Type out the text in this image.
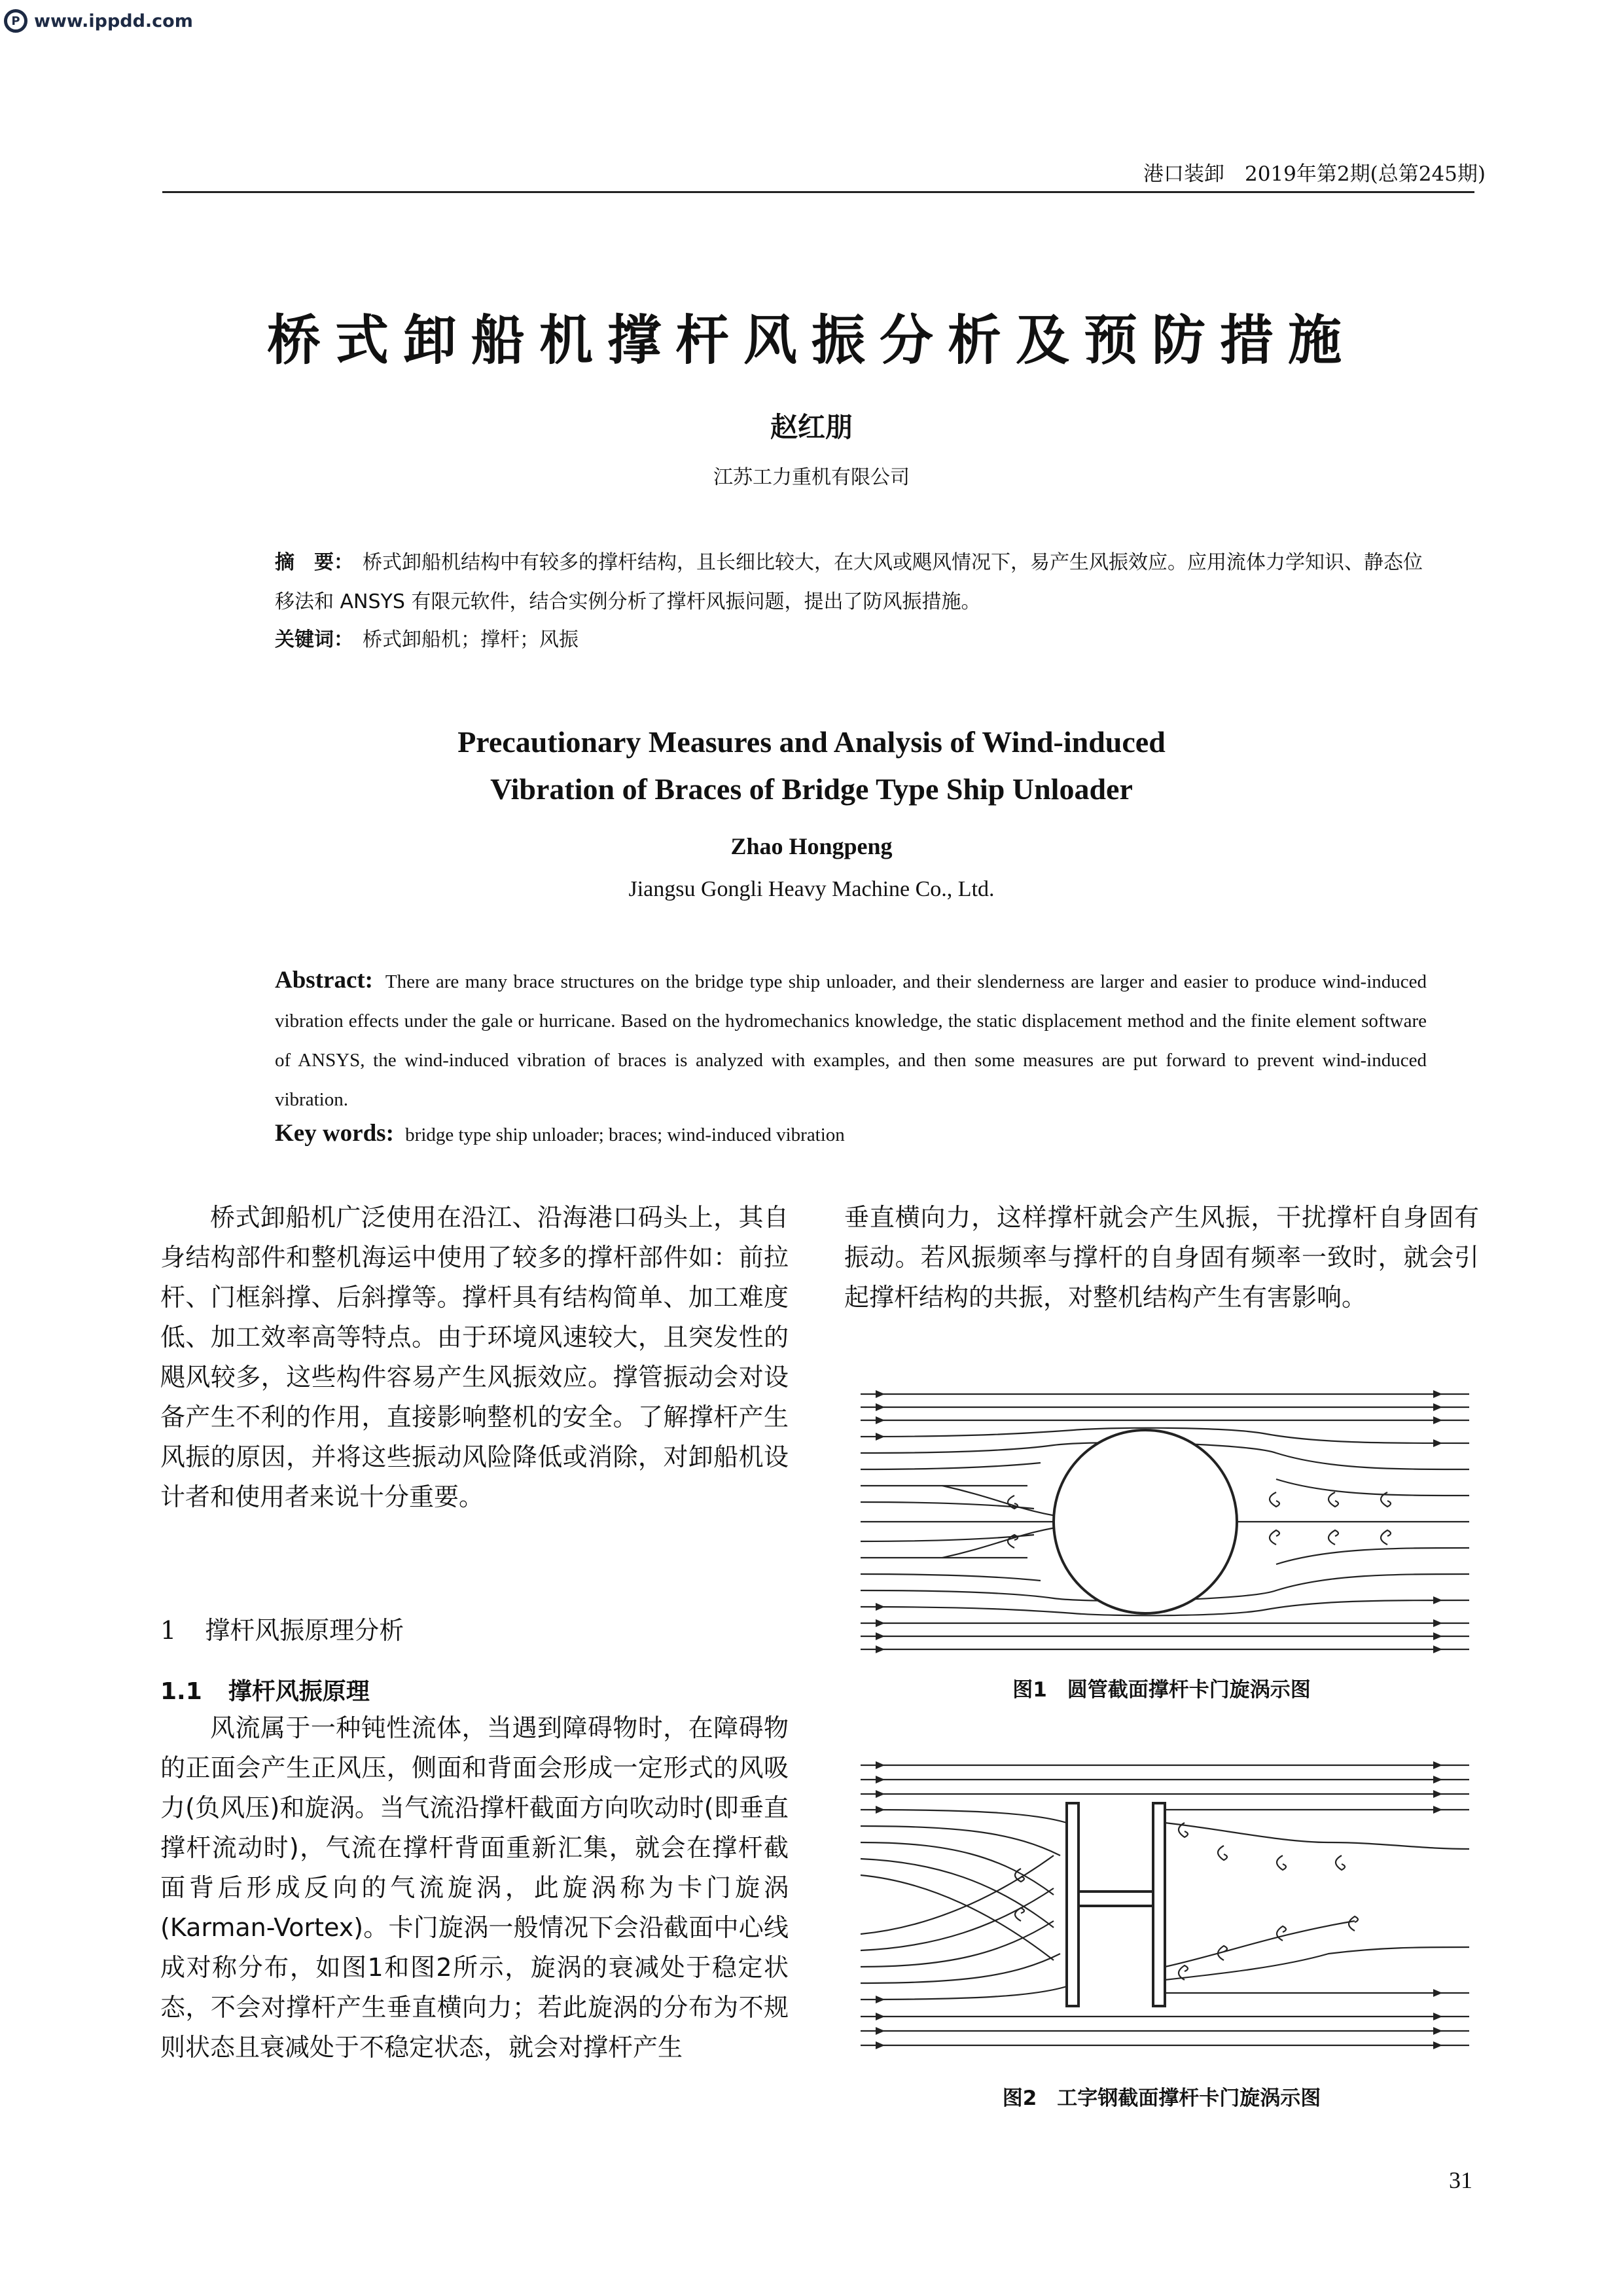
P www.ippdd.com
港口装卸　2019年第2期(总第245期)
桥式卸船机撑杆风振分析及预防措施
赵红朋
江苏工力重机有限公司
摘　要： 桥式卸船机结构中有较多的撑杆结构，且长细比较大，在大风或飓风情况下，易产生风振效应。应用流体力学知识、静态位移法和 ANSYS 有限元软件，结合实例分析了撑杆风振问题，提出了防风振措施。
关键词： 桥式卸船机；撑杆；风振
Precautionary Measures and Analysis of Wind-induced
Vibration of Braces of Bridge Type Ship Unloader
Zhao Hongpeng
Jiangsu Gongli Heavy Machine Co., Ltd.
Abstract: There are many brace structures on the bridge type ship unloader, and their slenderness are larger and easier to produce wind-induced vibration effects under the gale or hurricane. Based on the hydromechanics knowledge, the static displacement method and the finite element software of ANSYS, the wind-induced vibration of braces is analyzed with examples, and then some measures are put forward to prevent wind-induced vibration.
Key words: bridge type ship unloader; braces; wind-induced vibration

桥式卸船机广泛使用在沿江、沿海港口码头上，其自身结构部件和整机海运中使用了较多的撑杆部件如：前拉杆、门框斜撑、后斜撑等。撑杆具有结构简单、加工难度低、加工效率高等特点。由于环境风速较大，且突发性的飓风较多，这些构件容易产生风振效应。撑管振动会对设备产生不利的作用，直接影响整机的安全。了解撑杆产生风振的原因，并将这些振动风险降低或消除，对卸船机设计者和使用者来说十分重要。

1 撑杆风振原理分析
1.1 撑杆风振原理

风流属于一种钝性流体，当遇到障碍物时，在障碍物的正面会产生正风压，侧面和背面会形成一定形式的风吸力(负风压)和旋涡。当气流沿撑杆截面方向吹动时(即垂直撑杆流动时)，气流在撑杆背面重新汇集，就会在撑杆截面背后形成反向的气流旋涡，此旋涡称为卡门旋涡(Karman-Vortex)。卡门旋涡一般情况下会沿截面中心线成对称分布，如图1和图2所示，旋涡的衰减处于稳定状态，不会对撑杆产生垂直横向力；若此旋涡的分布为不规则状态且衰减处于不稳定状态，就会对撑杆产生

垂直横向力，这样撑杆就会产生风振，干扰撑杆自身固有振动。若风振频率与撑杆的自身固有频率一致时，就会引起撑杆结构的共振，对整机结构产生有害影响。

图1　圆管截面撑杆卡门旋涡示图
图2　工字钢截面撑杆卡门旋涡示图
31
